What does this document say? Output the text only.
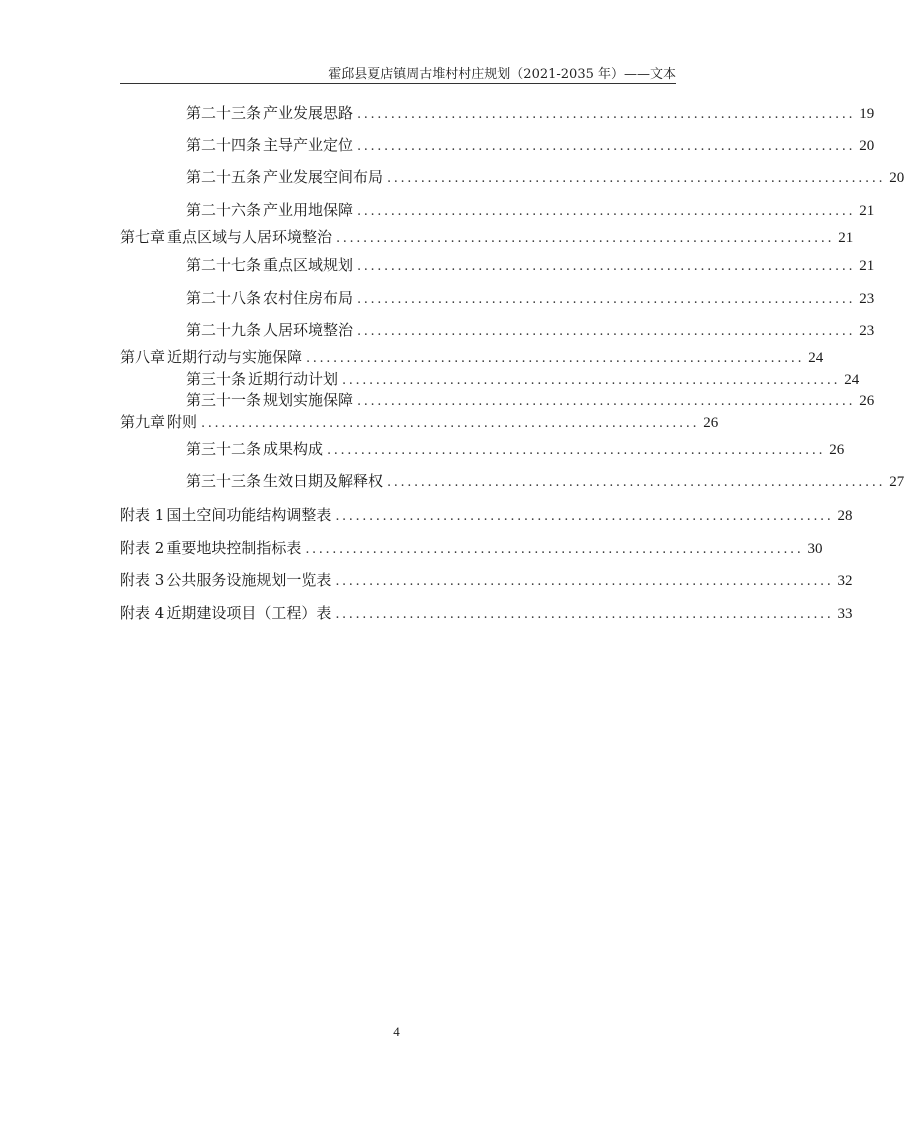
霍邱县夏店镇周古堆村村庄规划（2021-2035 年）——文本
第二十三条 产业发展思路 .......................................................................... 19
第二十四条 主导产业定位 .......................................................................... 20
第二十五条 产业发展空间布局 .......................................................................... 20
第二十六条 产业用地保障 .......................................................................... 21
第七章 重点区域与人居环境整治 .......................................................................... 21
第二十七条 重点区域规划 .......................................................................... 21
第二十八条 农村住房布局 .......................................................................... 23
第二十九条 人居环境整治 .......................................................................... 23
第八章 近期行动与实施保障 .......................................................................... 24
第三十条 近期行动计划 .......................................................................... 24
第三十一条 规划实施保障 .......................................................................... 26
第九章 附则 .......................................................................... 26
第三十二条 成果构成 .......................................................................... 26
第三十三条 生效日期及解释权 .......................................................................... 27
附表 1 国土空间功能结构调整表 .......................................................................... 28
附表 2 重要地块控制指标表 .......................................................................... 30
附表 3 公共服务设施规划一览表 .......................................................................... 32
附表 4 近期建设项目（工程）表 .......................................................................... 33
4
